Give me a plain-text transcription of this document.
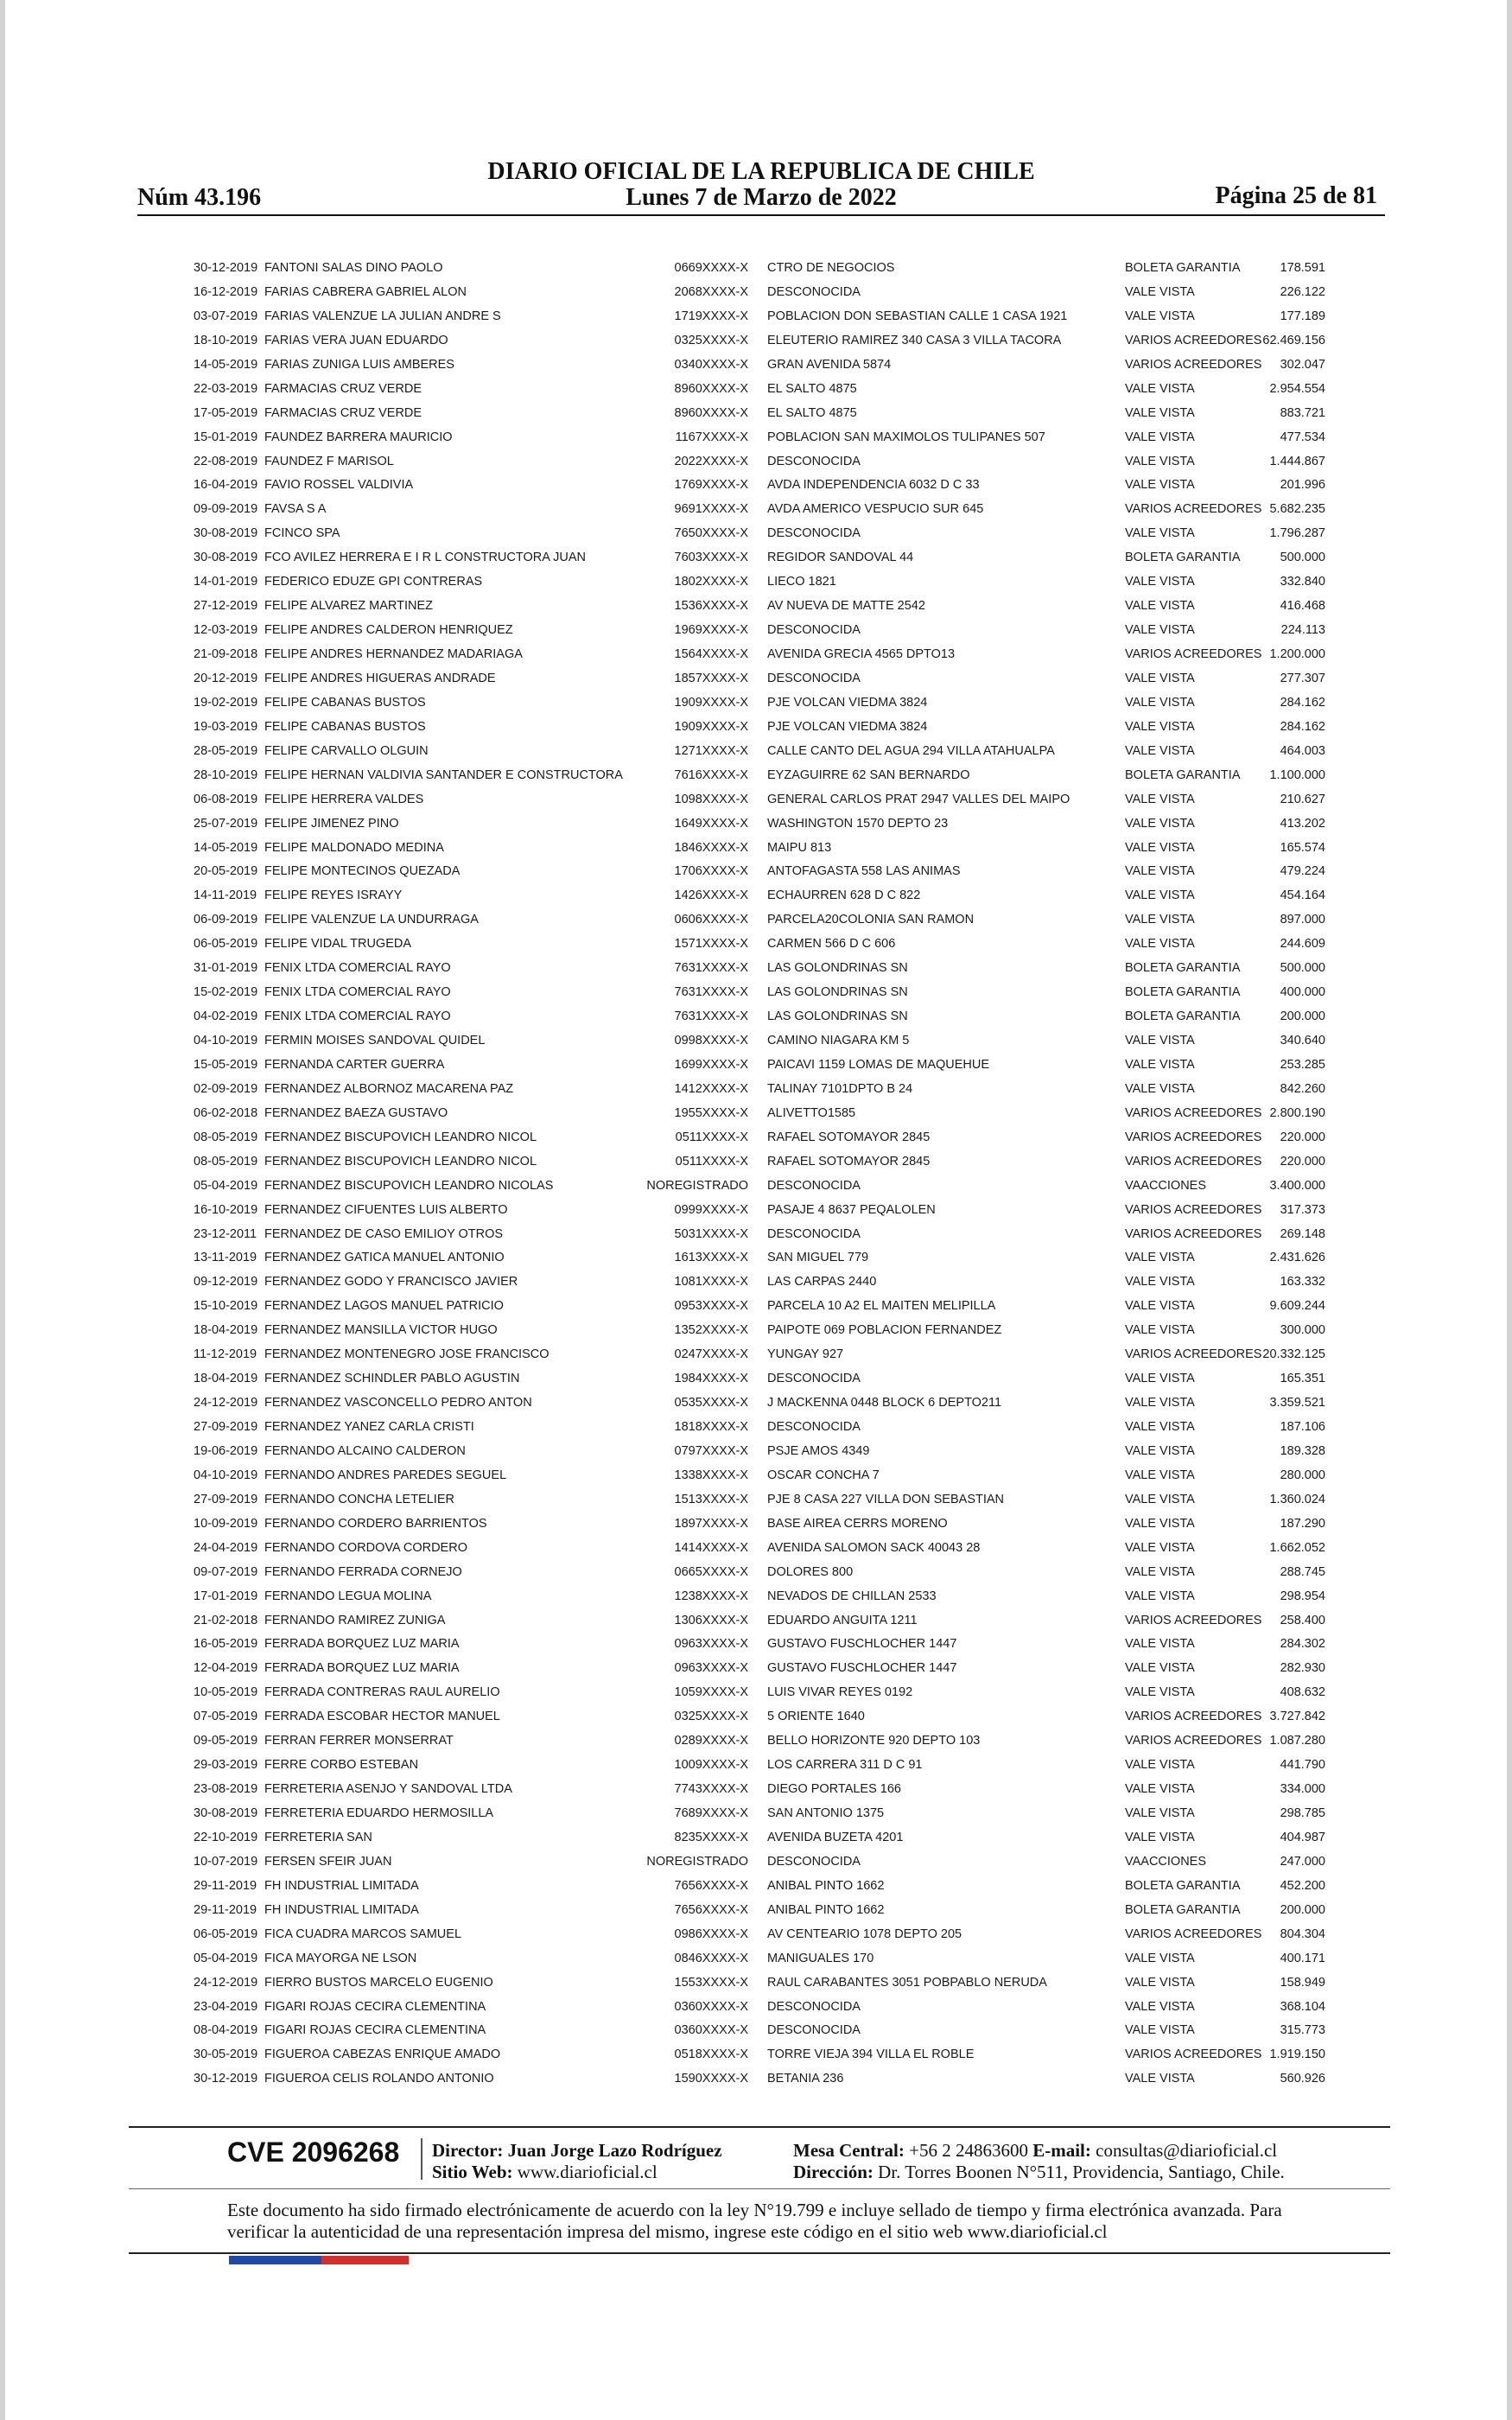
DIARIO OFICIAL DE LA REPUBLICA DE CHILE
Núm 43.196	Lunes 7 de Marzo de 2022	Página 25 de 81
30-12-2019 FANTONI SALAS DINO PAOLO	0669XXXX-X CTRO DE NEGOCIOS	BOLETA GARANTIA	178.591
16-12-2019 FARIAS CABRERA GABRIEL ALON	2068XXXX-X DESCONOCIDA	VALE VISTA	226.122
03-07-2019 FARIAS VALENZUE LA JULIAN ANDRE S	1719XXXX-X POBLACION DON SEBASTIAN CALLE 1 CASA 1921	VALE VISTA	177.189
18-10-2019 FARIAS VERA JUAN EDUARDO	0325XXXX-X ELEUTERIO RAMIREZ 340 CASA 3 VILLA TACORA	VARIOS ACREEDORES 62.469.156
14-05-2019 FARIAS ZUNIGA LUIS AMBERES	0340XXXX-X GRAN AVENIDA 5874	VARIOS ACREEDORES 302.047
22-03-2019 FARMACIAS CRUZ VERDE	8960XXXX-X EL SALTO 4875	VALE VISTA	2.954.554
17-05-2019 FARMACIAS CRUZ VERDE	8960XXXX-X EL SALTO 4875	VALE VISTA	883.721
15-01-2019 FAUNDEZ BARRERA MAURICIO	1167XXXX-X POBLACION SAN MAXIMOLOS TULIPANES 507	VALE VISTA	477.534
22-08-2019 FAUNDEZ F MARISOL	2022XXXX-X DESCONOCIDA	VALE VISTA	1.444.867
16-04-2019 FAVIO ROSSEL VALDIVIA	1769XXXX-X AVDA INDEPENDENCIA 6032 D C 33	VALE VISTA	201.996
09-09-2019 FAVSA S A	9691XXXX-X AVDA AMERICO VESPUCIO SUR 645	VARIOS ACREEDORES 5.682.235
30-08-2019 FCINCO SPA	7650XXXX-X DESCONOCIDA	VALE VISTA	1.796.287
30-08-2019 FCO AVILEZ HERRERA E I R L CONSTRUCTORA JUAN	7603XXXX-X REGIDOR SANDOVAL 44	BOLETA GARANTIA	500.000
14-01-2019 FEDERICO EDUZE GPI CONTRERAS	1802XXXX-X LIECO 1821	VALE VISTA	332.840
27-12-2019 FELIPE ALVAREZ MARTINEZ	1536XXXX-X AV NUEVA DE MATTE 2542	VALE VISTA	416.468
12-03-2019 FELIPE ANDRES CALDERON HENRIQUEZ	1969XXXX-X DESCONOCIDA	VALE VISTA	224.113
21-09-2018 FELIPE ANDRES HERNANDEZ MADARIAGA	1564XXXX-X AVENIDA GRECIA 4565 DPTO13	VARIOS ACREEDORES 1.200.000
20-12-2019 FELIPE ANDRES HIGUERAS ANDRADE	1857XXXX-X DESCONOCIDA	VALE VISTA	277.307
19-02-2019 FELIPE CABANAS BUSTOS	1909XXXX-X PJE VOLCAN VIEDMA 3824	VALE VISTA	284.162
19-03-2019 FELIPE CABANAS BUSTOS	1909XXXX-X PJE VOLCAN VIEDMA 3824	VALE VISTA	284.162
28-05-2019 FELIPE CARVALLO OLGUIN	1271XXXX-X CALLE CANTO DEL AGUA 294 VILLA ATAHUALPA	VALE VISTA	464.003
28-10-2019 FELIPE HERNAN VALDIVIA SANTANDER E CONSTRUCTORA	7616XXXX-X EYZAGUIRRE 62 SAN BERNARDO	BOLETA GARANTIA 1.100.000
06-08-2019 FELIPE HERRERA VALDES	1098XXXX-X GENERAL CARLOS PRAT 2947 VALLES DEL MAIPO	VALE VISTA	210.627
25-07-2019 FELIPE JIMENEZ PINO	1649XXXX-X WASHINGTON 1570 DEPTO 23	VALE VISTA	413.202
14-05-2019 FELIPE MALDONADO MEDINA	1846XXXX-X MAIPU 813	VALE VISTA	165.574
20-05-2019 FELIPE MONTECINOS QUEZADA	1706XXXX-X ANTOFAGASTA 558 LAS ANIMAS	VALE VISTA	479.224
14-11-2019 FELIPE REYES ISRAYY	1426XXXX-X ECHAURREN 628 D C 822	VALE VISTA	454.164
06-09-2019 FELIPE VALENZUE LA UNDURRAGA	0606XXXX-X PARCELA20COLONIA SAN RAMON	VALE VISTA	897.000
06-05-2019 FELIPE VIDAL TRUGEDA	1571XXXX-X CARMEN 566 D C 606	VALE VISTA	244.609
31-01-2019 FENIX LTDA COMERCIAL RAYO	7631XXXX-X LAS GOLONDRINAS SN	BOLETA GARANTIA	500.000
15-02-2019 FENIX LTDA COMERCIAL RAYO	7631XXXX-X LAS GOLONDRINAS SN	BOLETA GARANTIA	400.000
04-02-2019 FENIX LTDA COMERCIAL RAYO	7631XXXX-X LAS GOLONDRINAS SN	BOLETA GARANTIA	200.000
04-10-2019 FERMIN MOISES SANDOVAL QUIDEL	0998XXXX-X CAMINO NIAGARA KM 5	VALE VISTA	340.640
15-05-2019 FERNANDA CARTER GUERRA	1699XXXX-X PAICAVI 1159 LOMAS DE MAQUEHUE	VALE VISTA	253.285
02-09-2019 FERNANDEZ ALBORNOZ MACARENA PAZ	1412XXXX-X TALINAY 7101DPTO B 24	VALE VISTA	842.260
06-02-2018 FERNANDEZ BAEZA GUSTAVO	1955XXXX-X ALIVETTO1585	VARIOS ACREEDORES 2.800.190
08-05-2019 FERNANDEZ BISCUPOVICH LEANDRO NICOL	0511XXXX-X RAFAEL SOTOMAYOR 2845	VARIOS ACREEDORES 220.000
08-05-2019 FERNANDEZ BISCUPOVICH LEANDRO NICOL	0511XXXX-X RAFAEL SOTOMAYOR 2845	VARIOS ACREEDORES 220.000
05-04-2019 FERNANDEZ BISCUPOVICH LEANDRO NICOLAS	NOREGISTRADO DESCONOCIDA	VAACCIONES	3.400.000
16-10-2019 FERNANDEZ CIFUENTES LUIS ALBERTO	0999XXXX-X PASAJE 4 8637 PEQALOLEN	VARIOS ACREEDORES 317.373
23-12-2011 FERNANDEZ DE CASO EMILIOY OTROS	5031XXXX-X DESCONOCIDA	VARIOS ACREEDORES 269.148
13-11-2019 FERNANDEZ GATICA MANUEL ANTONIO	1613XXXX-X SAN MIGUEL 779	VALE VISTA	2.431.626
09-12-2019 FERNANDEZ GODO Y FRANCISCO JAVIER	1081XXXX-X LAS CARPAS 2440	VALE VISTA	163.332
15-10-2019 FERNANDEZ LAGOS MANUEL PATRICIO	0953XXXX-X PARCELA 10 A2 EL MAITEN MELIPILLA	VALE VISTA	9.609.244
18-04-2019 FERNANDEZ MANSILLA VICTOR HUGO	1352XXXX-X PAIPOTE 069 POBLACION FERNANDEZ	VALE VISTA	300.000
11-12-2019 FERNANDEZ MONTENEGRO JOSE FRANCISCO	0247XXXX-X YUNGAY 927	VARIOS ACREEDORES 20.332.125
18-04-2019 FERNANDEZ SCHINDLER PABLO AGUSTIN	1984XXXX-X DESCONOCIDA	VALE VISTA	165.351
24-12-2019 FERNANDEZ VASCONCELLO PEDRO ANTON	0535XXXX-X J MACKENNA 0448 BLOCK 6 DEPTO211	VALE VISTA	3.359.521
27-09-2019 FERNANDEZ YANEZ CARLA CRISTI	1818XXXX-X DESCONOCIDA	VALE VISTA	187.106
19-06-2019 FERNANDO ALCAINO CALDERON	0797XXXX-X PSJE AMOS 4349	VALE VISTA	189.328
04-10-2019 FERNANDO ANDRES PAREDES SEGUEL	1338XXXX-X OSCAR CONCHA 7	VALE VISTA	280.000
27-09-2019 FERNANDO CONCHA LETELIER	1513XXXX-X PJE 8 CASA 227 VILLA DON SEBASTIAN	VALE VISTA	1.360.024
10-09-2019 FERNANDO CORDERO BARRIENTOS	1897XXXX-X BASE AIREA CERRS MORENO	VALE VISTA	187.290
24-04-2019 FERNANDO CORDOVA CORDERO	1414XXXX-X AVENIDA SALOMON SACK 40043 28	VALE VISTA	1.662.052
09-07-2019 FERNANDO FERRADA CORNEJO	0665XXXX-X DOLORES 800	VALE VISTA	288.745
17-01-2019 FERNANDO LEGUA MOLINA	1238XXXX-X NEVADOS DE CHILLAN 2533	VALE VISTA	298.954
21-02-2018 FERNANDO RAMIREZ ZUNIGA	1306XXXX-X EDUARDO ANGUITA 1211	VARIOS ACREEDORES 258.400
16-05-2019 FERRADA BORQUEZ LUZ MARIA	0963XXXX-X GUSTAVO FUSCHLOCHER 1447	VALE VISTA	284.302
12-04-2019 FERRADA BORQUEZ LUZ MARIA	0963XXXX-X GUSTAVO FUSCHLOCHER 1447	VALE VISTA	282.930
10-05-2019 FERRADA CONTRERAS RAUL AURELIO	1059XXXX-X LUIS VIVAR REYES 0192	VALE VISTA	408.632
07-05-2019 FERRADA ESCOBAR HECTOR MANUEL	0325XXXX-X 5 ORIENTE 1640	VARIOS ACREEDORES 3.727.842
09-05-2019 FERRAN FERRER MONSERRAT	0289XXXX-X BELLO HORIZONTE 920 DEPTO 103	VARIOS ACREEDORES 1.087.280
29-03-2019 FERRE CORBO ESTEBAN	1009XXXX-X LOS CARRERA 311 D C 91	VALE VISTA	441.790
23-08-2019 FERRETERIA ASENJO Y SANDOVAL LTDA	7743XXXX-X DIEGO PORTALES 166	VALE VISTA	334.000
30-08-2019 FERRETERIA EDUARDO HERMOSILLA	7689XXXX-X SAN ANTONIO 1375	VALE VISTA	298.785
22-10-2019 FERRETERIA SAN	8235XXXX-X AVENIDA BUZETA 4201	VALE VISTA	404.987
10-07-2019 FERSEN SFEIR JUAN	NOREGISTRADO DESCONOCIDA	VAACCIONES	247.000
29-11-2019 FH INDUSTRIAL LIMITADA	7656XXXX-X ANIBAL PINTO 1662	BOLETA GARANTIA	452.200
29-11-2019 FH INDUSTRIAL LIMITADA	7656XXXX-X ANIBAL PINTO 1662	BOLETA GARANTIA	200.000
06-05-2019 FICA CUADRA MARCOS SAMUEL	0986XXXX-X AV CENTEARIO 1078 DEPTO 205	VARIOS ACREEDORES 804.304
05-04-2019 FICA MAYORGA NE LSON	0846XXXX-X MANIGUALES 170	VALE VISTA	400.171
24-12-2019 FIERRO BUSTOS MARCELO EUGENIO	1553XXXX-X RAUL CARABANTES 3051 POBPABLO NERUDA	VALE VISTA	158.949
23-04-2019 FIGARI ROJAS CECIRA CLEMENTINA	0360XXXX-X DESCONOCIDA	VALE VISTA	368.104
08-04-2019 FIGARI ROJAS CECIRA CLEMENTINA	0360XXXX-X DESCONOCIDA	VALE VISTA	315.773
30-05-2019 FIGUEROA CABEZAS ENRIQUE AMADO	0518XXXX-X TORRE VIEJA 394 VILLA EL ROBLE	VARIOS ACREEDORES 1.919.150
30-12-2019 FIGUEROA CELIS ROLANDO ANTONIO	1590XXXX-X BETANIA 236	VALE VISTA	560.926
CVE 2096268 Director: Juan Jorge Lazo Rodríguez
Sitio Web: www.diarioficial.cl
Mesa Central: +56 2 24863600 E-mail: consultas@diarioficial.cl
Dirección: Dr. Torres Boonen N°511, Providencia, Santiago, Chile.
Este documento ha sido firmado electrónicamente de acuerdo con la ley N°19.799 e incluye sellado de tiempo y firma electrónica avanzada. Para verificar la autenticidad de una representación impresa del mismo, ingrese este código en el sitio web www.diarioficial.cl
